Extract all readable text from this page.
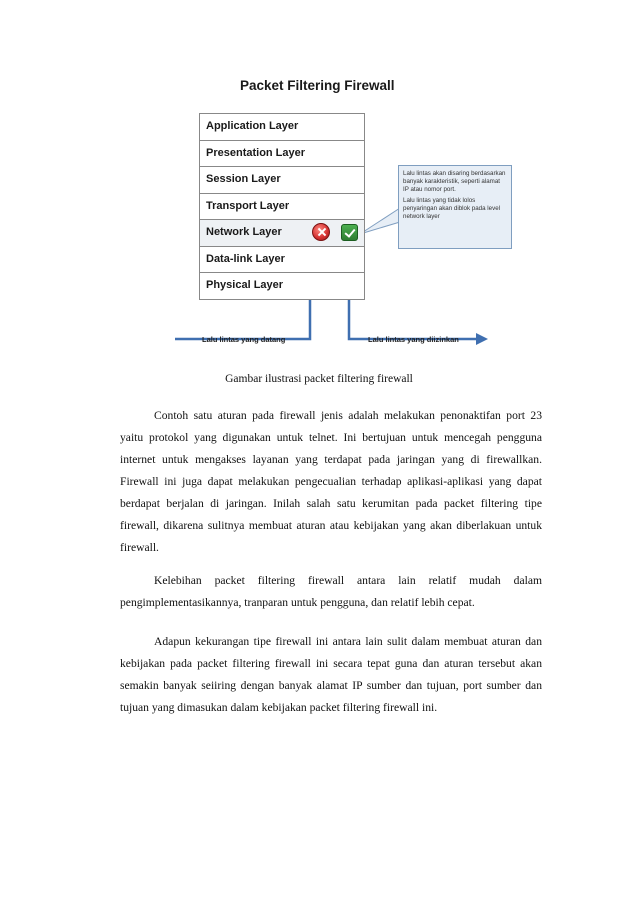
Packet Filtering Firewall
Application Layer
Presentation Layer
Session Layer
Transport Layer
Network Layer
Data-link Layer
Physical Layer

Lalu lintas akan disaring berdasarkan banyak karakteristik, seperti alamat IP atau nomor port.

Lalu lintas yang tidak lolos penyaringan akan diblok pada level network layer

Lalu lintas yang datang	Lalu lintas yang diizinkan
Gambar ilustrasi packet filtering firewall

Contoh satu aturan pada firewall jenis adalah melakukan penonaktifan port 23 yaitu protokol yang digunakan untuk telnet. Ini bertujuan untuk mencegah pengguna internet untuk mengakses layanan yang terdapat pada jaringan yang di firewallkan. Firewall ini juga dapat melakukan pengecualian terhadap aplikasi-aplikasi yang dapat berdapat berjalan di jaringan. Inilah salah satu kerumitan pada packet filtering tipe firewall, dikarena sulitnya membuat aturan atau kebijakan yang akan diberlakuan untuk firewall.

Kelebihan packet filtering firewall antara lain relatif mudah dalam pengimplementasikannya, tranparan untuk pengguna, dan relatif lebih cepat.

Adapun kekurangan tipe firewall ini antara lain sulit dalam membuat aturan dan kebijakan pada packet filtering firewall ini secara tepat guna dan aturan tersebut akan semakin banyak seiiring dengan banyak alamat IP sumber dan tujuan, port sumber dan tujuan yang dimasukan dalam kebijakan packet filtering firewall ini.
